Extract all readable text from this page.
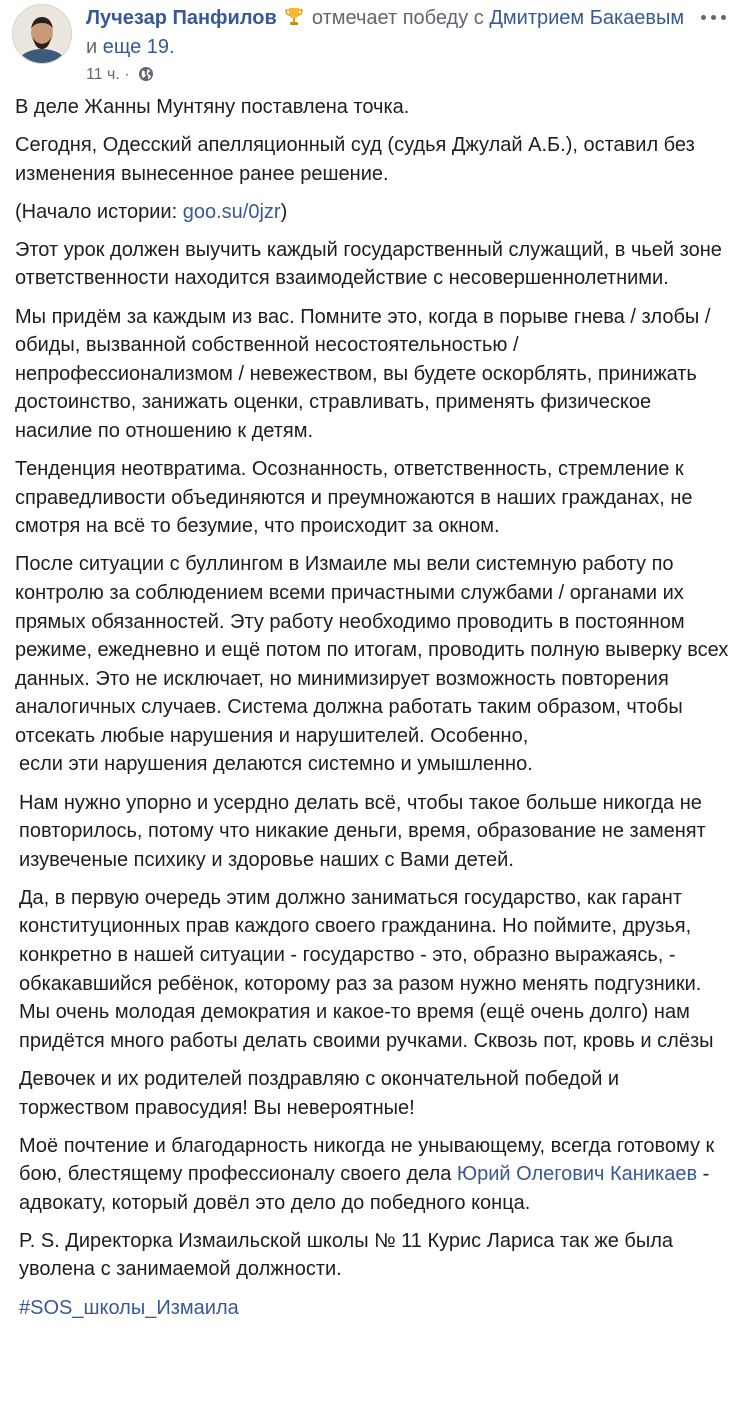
Лучезар Панфилов отмечает победу с Дмитрием Бакаевым и еще 19.
11 ч. ·

В деле Жанны Мунтяну поставлена точка.

Сегодня, Одесский апелляционный суд (судья Джулай А.Б.), оставил без изменения вынесенное ранее решение.

(Начало истории: goo.su/0jzr)

Этот урок должен выучить каждый государственный служащий, в чьей зоне ответственности находится взаимодействие с несовершеннолетними.

Мы придём за каждым из вас. Помните это, когда в порыве гнева / злобы / обиды, вызванной собственной несостоятельностью / непрофессионализмом / невежеством, вы будете оскорблять, принижать достоинство, занижать оценки, стравливать, применять физическое насилие по отношению к детям.

Тенденция неотвратима. Осознанность, ответственность, стремление к справедливости объединяются и преумножаются в наших гражданах, не смотря на всё то безумие, что происходит за окном.

После ситуации с буллингом в Измаиле мы вели системную работу по контролю за соблюдением всеми причастными службами / органами их прямых обязанностей. Эту работу необходимо проводить в постоянном режиме, ежедневно и ещё потом по итогам, проводить полную выверку всех данных. Это не исключает, но минимизирует возможность повторения аналогичных случаев. Система должна работать таким образом, чтобы отсекать любые нарушения и нарушителей. Особенно,

если эти нарушения делаются системно и умышленно.

Нам нужно упорно и усердно делать всё, чтобы такое больше никогда не повторилось, потому что никакие деньги, время, образование не заменят изувеченые психику и здоровье наших с Вами детей.

Да, в первую очередь этим должно заниматься государство, как гарант конституционных прав каждого своего гражданина. Но поймите, друзья, конкретно в нашей ситуации - государство - это, образно выражаясь, - обкакавшийся ребёнок, которому раз за разом нужно менять подгузники. Мы очень молодая демократия и какое-то время (ещё очень долго) нам придётся много работы делать своими ручками. Сквозь пот, кровь и слёзы

Девочек и их родителей поздравляю с окончательной победой и торжеством правосудия! Вы невероятные!

Моё почтение и благодарность никогда не унывающему, всегда готовому к бою, блестящему профессионалу своего дела Юрий Олегович Каникаев - адвокату, который довёл это дело до победного конца.

P. S. Директорка Измаильской школы № 11 Курис Лариса так же была уволена с занимаемой должности.

#SOS_школы_Измаила
